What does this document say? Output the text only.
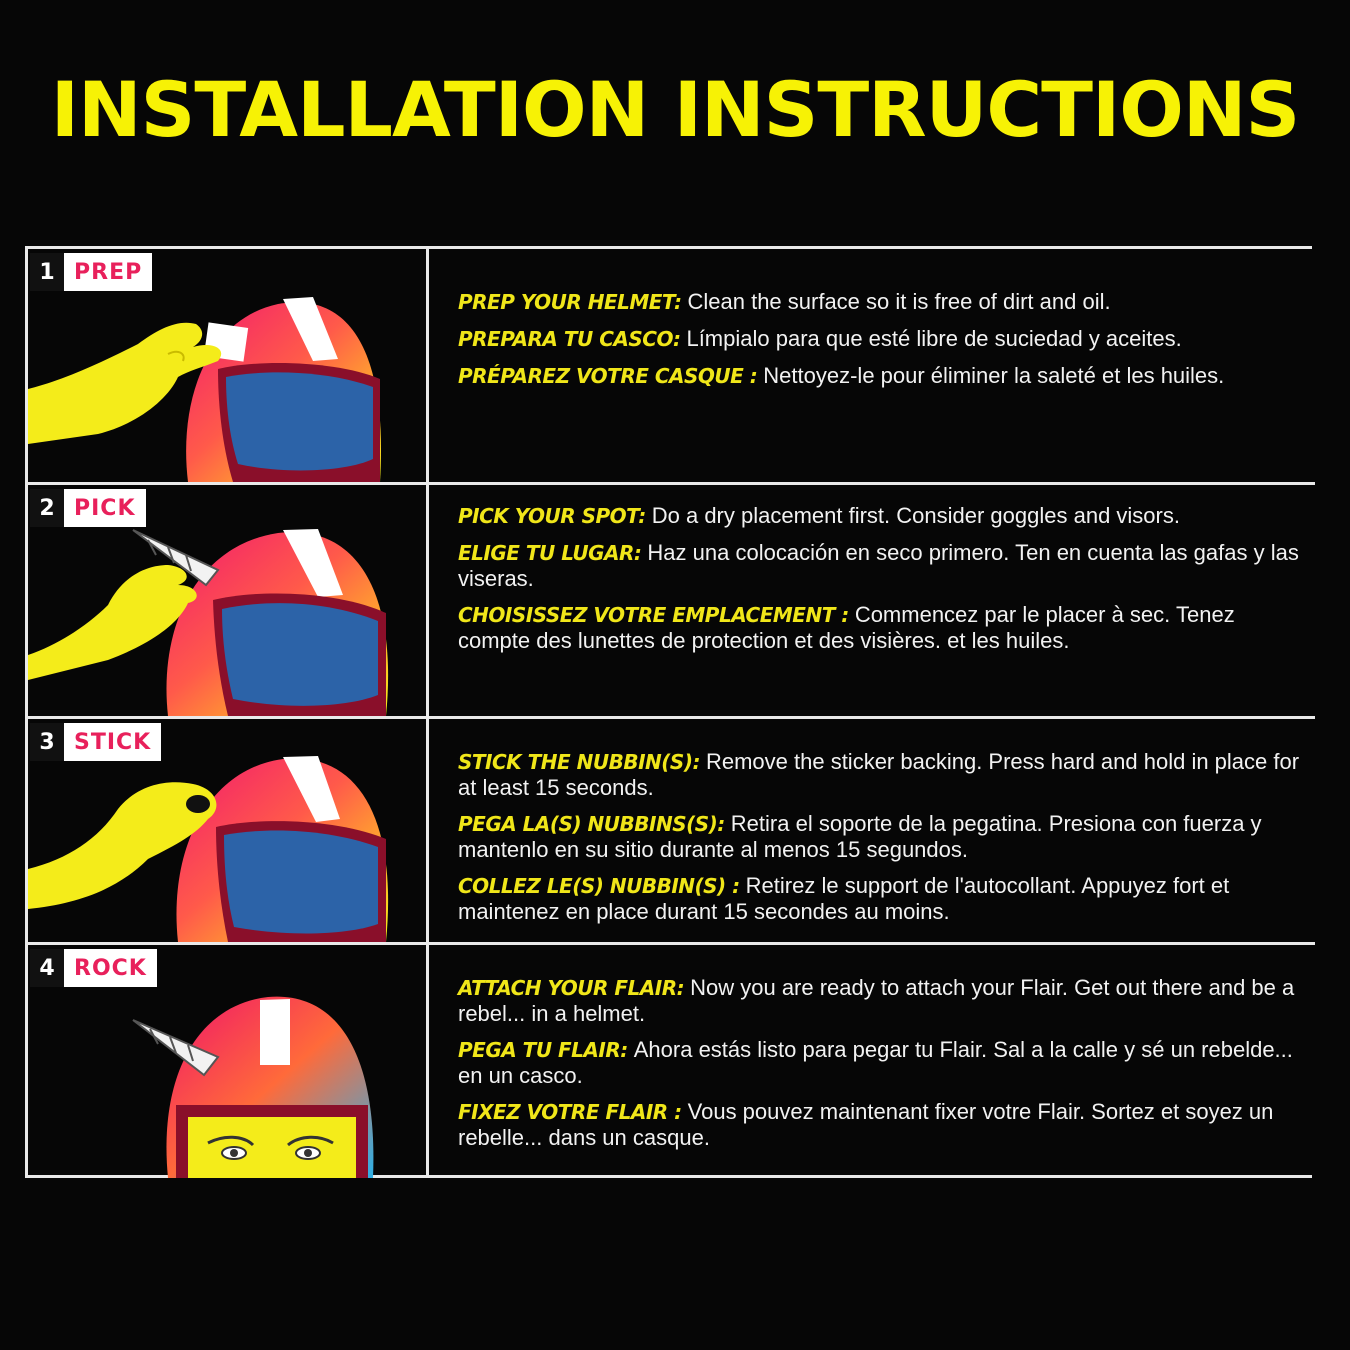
INSTALLATION INSTRUCTIONS
1 PREP
PREP YOUR HELMET: Clean the surface so it is free of dirt and oil.
PREPARA TU CASCO: Límpialo para que esté libre de suciedad y aceites.
PRÉPAREZ VOTRE CASQUE : Nettoyez-le pour éliminer la saleté et les huiles.
2 PICK	PICK YOUR SPOT: Do a dry placement first. Consider goggles and visors.
ELIGE TU LUGAR: Haz una colocación en seco primero. Ten en cuenta las gafas y las viseras.
CHOISISSEZ VOTRE EMPLACEMENT : Commencez par le placer à sec. Tenez compte des lunettes de protection et des visières. et les huiles.
3 STICK
STICK THE NUBBIN(S): Remove the sticker backing. Press hard and hold in place for at least 15 seconds.
PEGA LA(S) NUBBINS(S): Retira el soporte de la pegatina. Presiona con fuerza y mantenlo en su sitio durante al menos 15 segundos.
COLLEZ LE(S) NUBBIN(S) : Retirez le support de l'autocollant. Appuyez fort et maintenez en place durant 15 secondes au moins.
4 ROCK
ATTACH YOUR FLAIR: Now you are ready to attach your Flair. Get out there and be a rebel... in a helmet.
PEGA TU FLAIR: Ahora estás listo para pegar tu Flair. Sal a la calle y sé un rebelde... en un casco.
FIXEZ VOTRE FLAIR : Vous pouvez maintenant fixer votre Flair. Sortez et soyez un rebelle... dans un casque.
